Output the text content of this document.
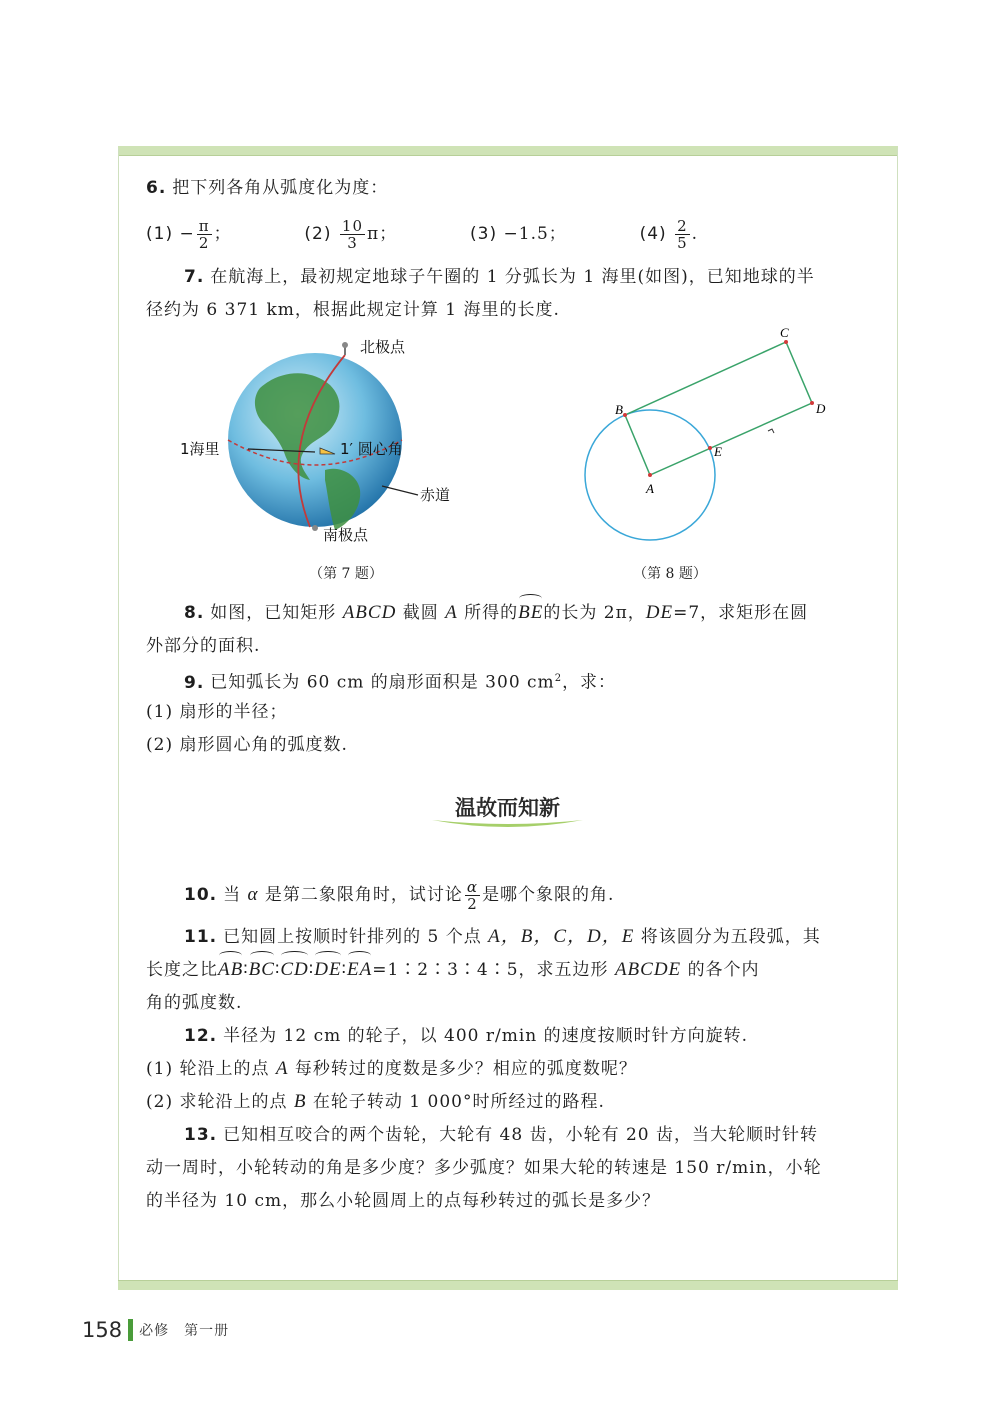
6. 把下列各角从弧度化为度：
$(1) - \frac{\pi}{2}$ ；	$(2) \frac{10}{3}$ π；	(3) −1.5；	$(4) \frac{2}{5}$ .
7. 在航海上，最初规定地球子午圈的 1 分弧长为 1 海里(如图)，已知地球的半
径约为 6 371 km，根据此规定计算 1 海里的长度.
北极点
1海里	1′ 圆心角
赤道
南极点
（第 7 题）
A
B
C
D
E
（第 8 题）
8. 如图，已知矩形 ABCD 截圆 A 所得的BE的长为 2π，DE=7，求矩形在圆
外部分的面积.
9. 已知弧长为 60 cm 的扇形面积是 300 $cm^2$，求：
(1) 扇形的半径；
(2) 扇形圆心角的弧度数.
温故而知新
10. 当 α 是第二象限角时，试讨论 $\frac{\alpha}{2}$ 是哪个象限的角.
11. 已知圆上按顺时针排列的 5 个点 A，B，C，D，E 将该圆分为五段弧，其
长度之比AB∶BC∶CD∶DE∶EA=1∶2∶3∶4∶5，求五边形 ABCDE 的各个内
角的弧度数.
12. 半径为 12 cm 的轮子，以 400 r/min 的速度按顺时针方向旋转.
(1) 轮沿上的点 A 每秒转过的度数是多少？相应的弧度数呢？
(2) 求轮沿上的点 B 在轮子转动 1 000°时所经过的路程.
13. 已知相互咬合的两个齿轮，大轮有 48 齿，小轮有 20 齿，当大轮顺时针转
动一周时，小轮转动的角是多少度？多少弧度？如果大轮的转速是 150 r/min，小轮
的半径为 10 cm，那么小轮圆周上的点每秒转过的弧长是多少？
158 必修　第一册
